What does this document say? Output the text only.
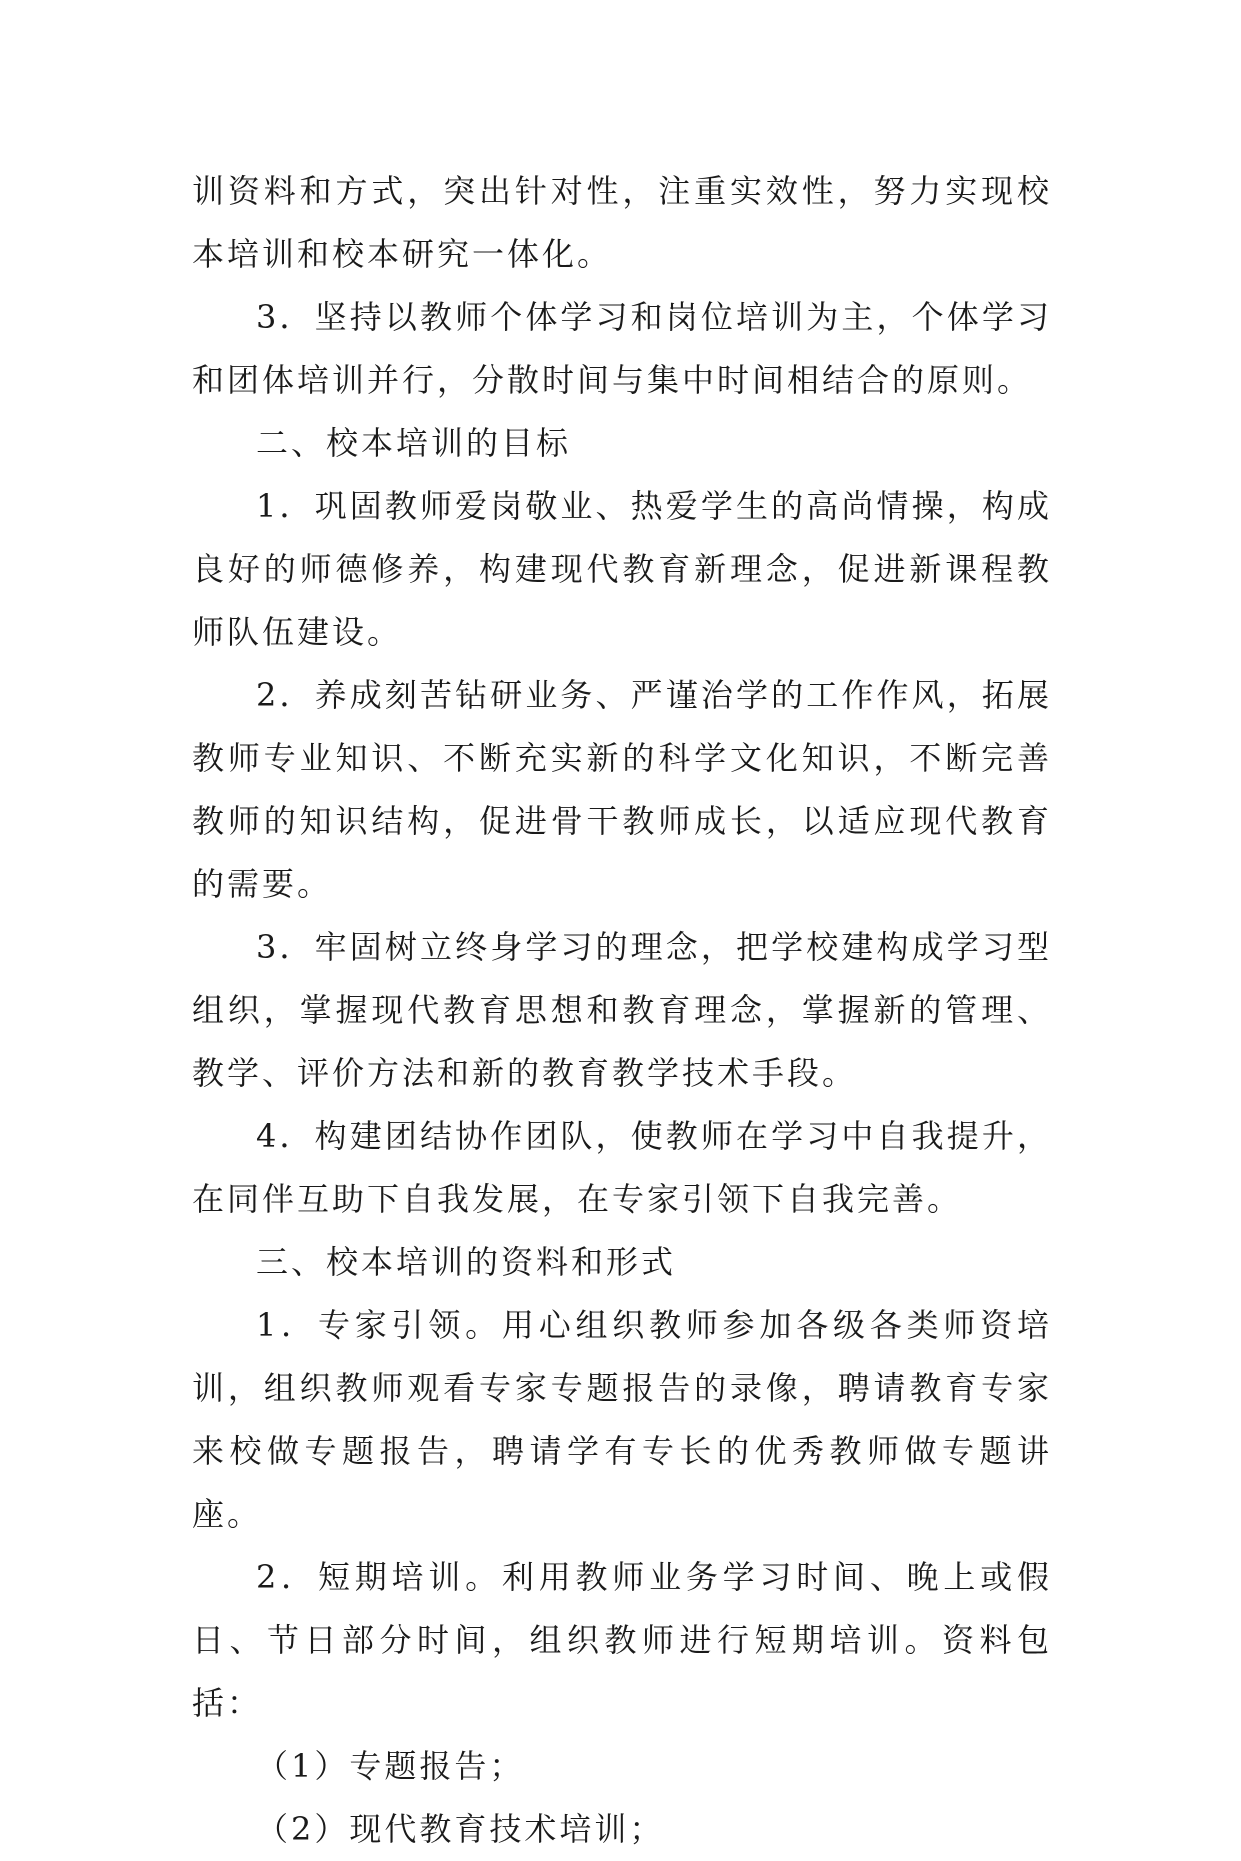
训资料和方式，突出针对性，注重实效性，努力实现校本培训和校本研究一体化。

3．坚持以教师个体学习和岗位培训为主，个体学习和团体培训并行，分散时间与集中时间相结合的原则。

二、校本培训的目标

1．巩固教师爱岗敬业、热爱学生的高尚情操，构成良好的师德修养，构建现代教育新理念，促进新课程教师队伍建设。

2．养成刻苦钻研业务、严谨治学的工作作风，拓展教师专业知识、不断充实新的科学文化知识，不断完善教师的知识结构，促进骨干教师成长，以适应现代教育的需要。

3．牢固树立终身学习的理念，把学校建构成学习型组织，掌握现代教育思想和教育理念，掌握新的管理、教学、评价方法和新的教育教学技术手段。

4．构建团结协作团队，使教师在学习中自我提升，在同伴互助下自我发展，在专家引领下自我完善。

三、校本培训的资料和形式

1．专家引领。用心组织教师参加各级各类师资培训，组织教师观看专家专题报告的录像，聘请教育专家来校做专题报告，聘请学有专长的优秀教师做专题讲座。

2．短期培训。利用教师业务学习时间、晚上或假日、节日部分时间，组织教师进行短期培训。资料包括：

（1）专题报告；

（2）现代教育技术培训；
